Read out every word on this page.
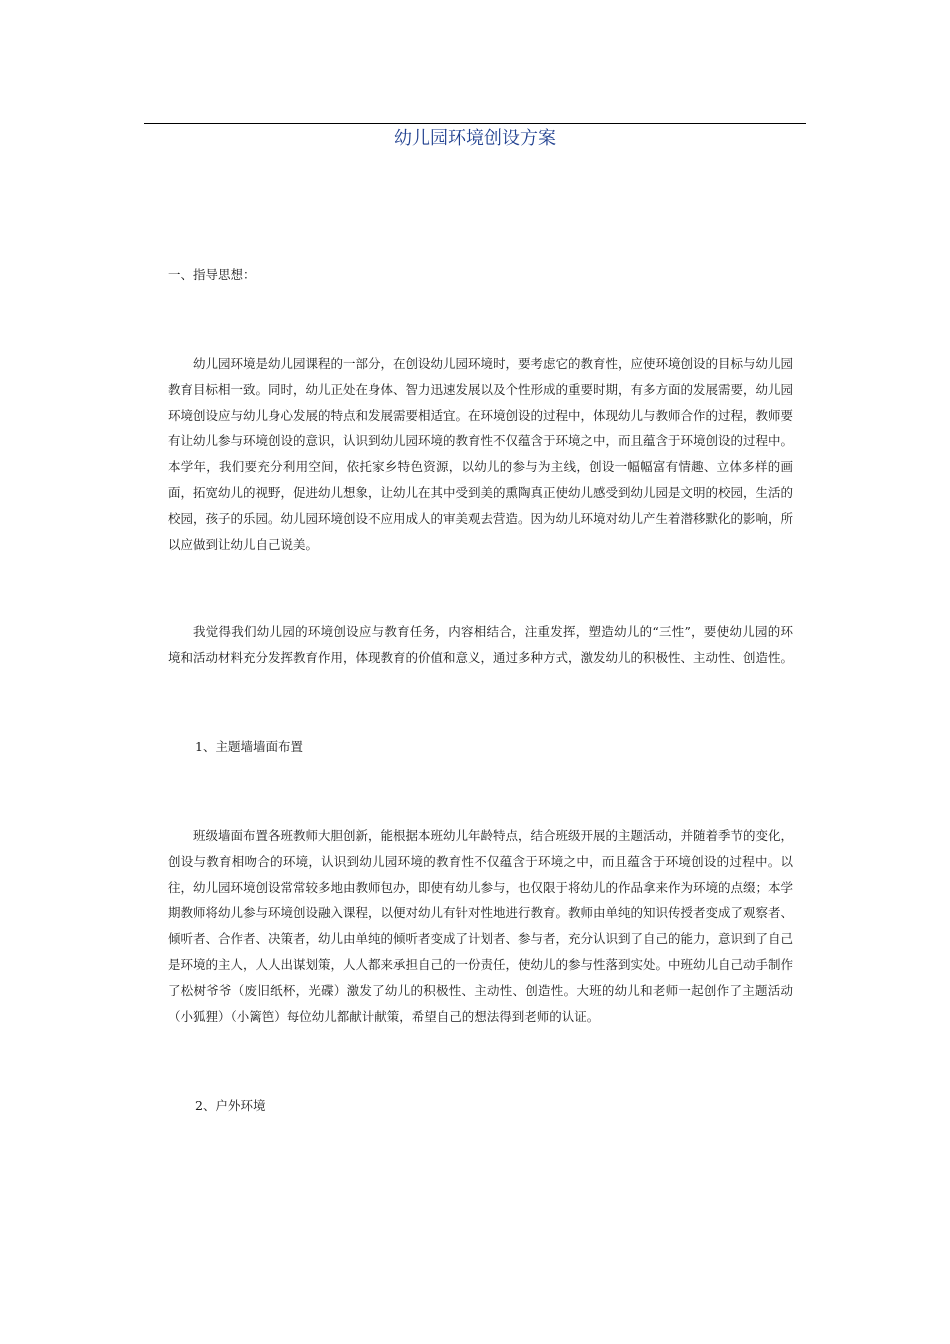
幼儿园环境创设方案
一、指导思想：

幼儿园环境是幼儿园课程的一部分，在创设幼儿园环境时，要考虑它的教育性，应使环境创设的目标与幼儿园教育目标相一致。同时，幼儿正处在身体、智力迅速发展以及个性形成的重要时期，有多方面的发展需要，幼儿园环境创设应与幼儿身心发展的特点和发展需要相适宜。在环境创设的过程中，体现幼儿与教师合作的过程，教师要有让幼儿参与环境创设的意识，认识到幼儿园环境的教育性不仅蕴含于环境之中，而且蕴含于环境创设的过程中。本学年，我们要充分利用空间，依托家乡特色资源，以幼儿的参与为主线，创设一幅幅富有情趣、立体多样的画面，拓宽幼儿的视野，促进幼儿想象，让幼儿在其中受到美的熏陶真正使幼儿感受到幼儿园是文明的校园，生活的校园，孩子的乐园。幼儿园环境创设不应用成人的审美观去营造。因为幼儿环境对幼儿产生着潜移默化的影响，所以应做到让幼儿自己说美。

我觉得我们幼儿园的环境创设应与教育任务，内容相结合，注重发挥，塑造幼儿的“三性”，要使幼儿园的环境和活动材料充分发挥教育作用，体现教育的价值和意义，通过多种方式，激发幼儿的积极性、主动性、创造性。

1、主题墙墙面布置

班级墙面布置各班教师大胆创新，能根据本班幼儿年龄特点，结合班级开展的主题活动，并随着季节的变化，创设与教育相吻合的环境，认识到幼儿园环境的教育性不仅蕴含于环境之中，而且蕴含于环境创设的过程中。以往，幼儿园环境创设常常较多地由教师包办，即使有幼儿参与，也仅限于将幼儿的作品拿来作为环境的点缀；本学期教师将幼儿参与环境创设融入课程，以便对幼儿有针对性地进行教育。教师由单纯的知识传授者变成了观察者、倾听者、合作者、决策者，幼儿由单纯的倾听者变成了计划者、参与者，充分认识到了自己的能力，意识到了自己是环境的主人，人人出谋划策，人人都来承担自己的一份责任，使幼儿的参与性落到实处。中班幼儿自己动手制作了松树爷爷（废旧纸杯，光碟）激发了幼儿的积极性、主动性、创造性。大班的幼儿和老师一起创作了主题活动（小狐狸）（小篱笆）每位幼儿都献计献策，希望自己的想法得到老师的认证。

2、户外环境
